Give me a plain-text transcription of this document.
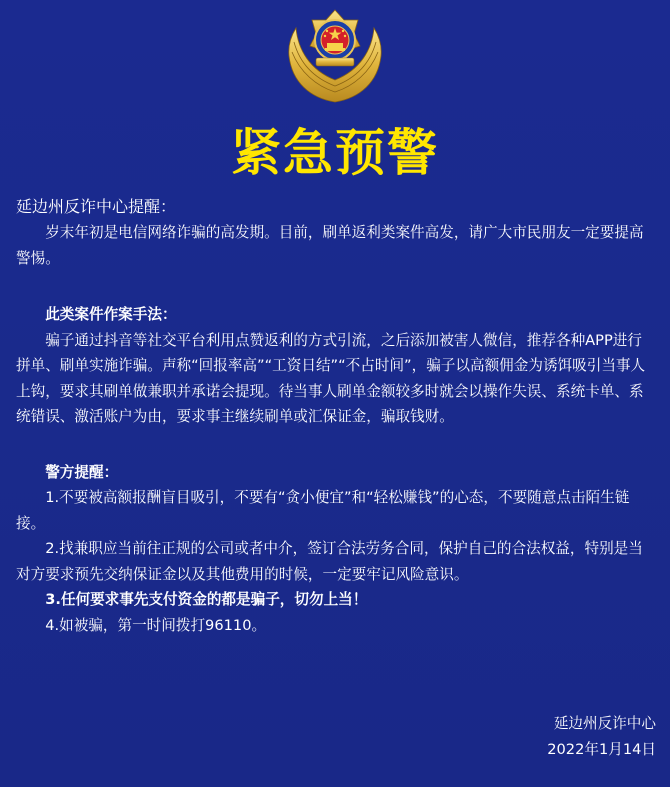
紧急预警

延边州反诈中心提醒：

岁末年初是电信网络诈骗的高发期。目前，刷单返利类案件高发，请广大市民朋友一定要提高警惕。

此类案件作案手法：

骗子通过抖音等社交平台利用点赞返利的方式引流，之后添加被害人微信，推荐各种APP进行拼单、刷单实施诈骗。声称“回报率高”“工资日结”“不占时间”，骗子以高额佣金为诱饵吸引当事人上钩，要求其刷单做兼职并承诺会提现。待当事人刷单金额较多时就会以操作失误、系统卡单、系统错误、激活账户为由，要求事主继续刷单或汇保证金，骗取钱财。

警方提醒：

1.不要被高额报酬盲目吸引，不要有“贪小便宜”和“轻松赚钱”的心态，不要随意点击陌生链接。

2.找兼职应当前往正规的公司或者中介，签订合法劳务合同，保护自己的合法权益，特别是当对方要求预先交纳保证金以及其他费用的时候，一定要牢记风险意识。

3.任何要求事先支付资金的都是骗子，切勿上当！

4.如被骗，第一时间拨打96110。

延边州反诈中心
2022年1月14日
